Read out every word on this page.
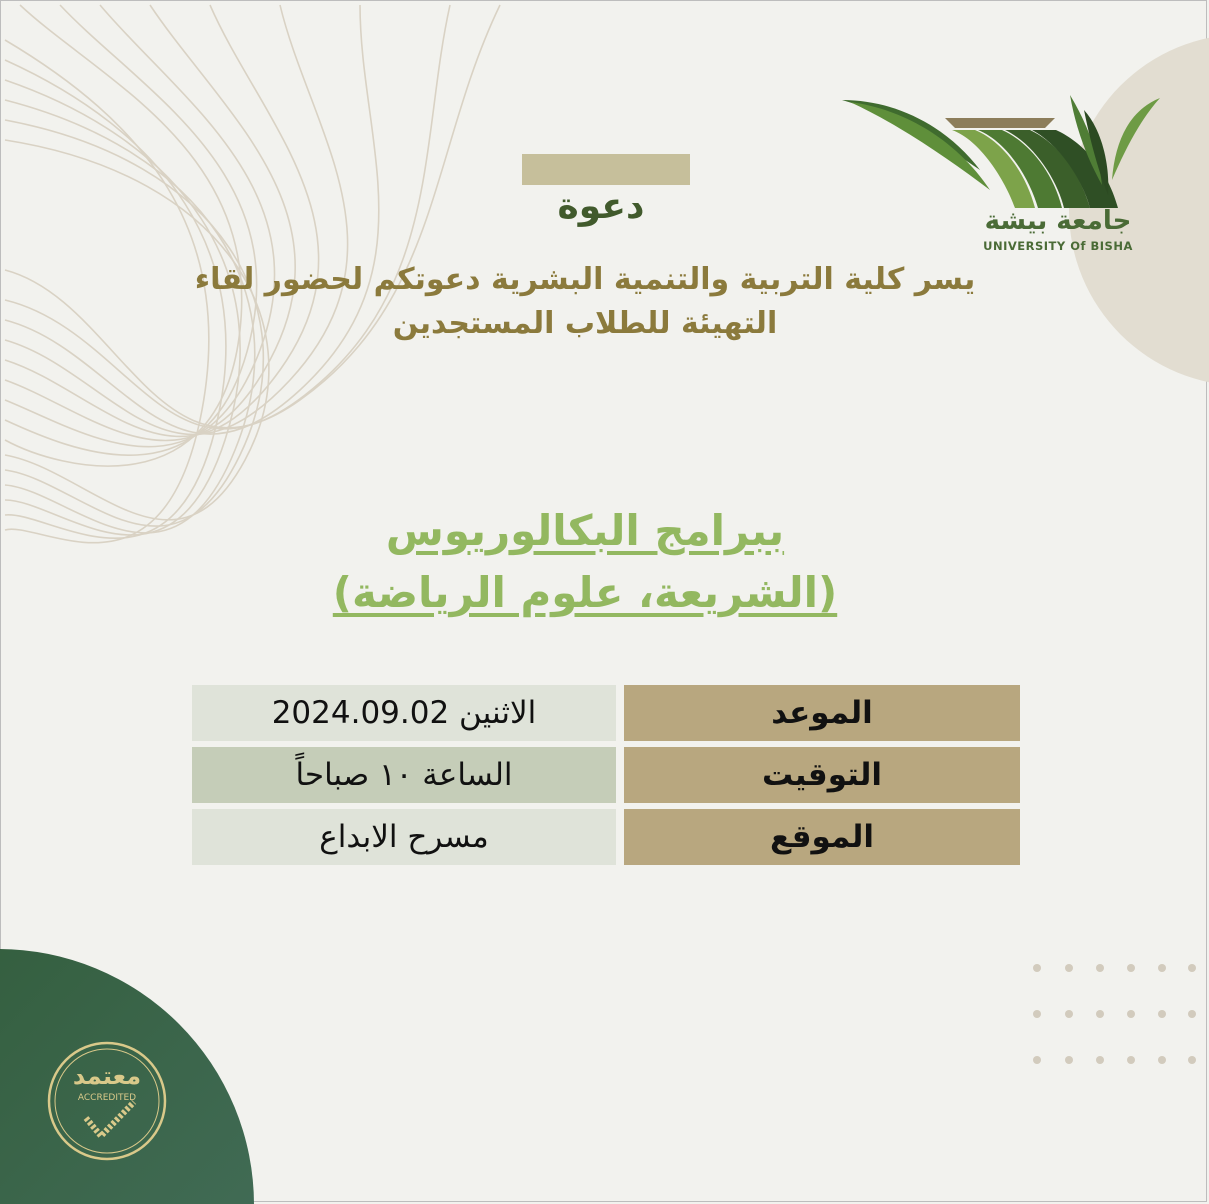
جامعة بيشة
UNIVERSITY Of BISHA
دعوة
يسر كلية التربية والتنمية البشرية دعوتكم لحضور لقاء
التهيئة للطلاب المستجدين
ببرامج البكالوريوس
(الشريعة، علوم الرياضة)
الموعد
الاثنين 2024.09.02
التوقيت
الساعة ١٠ صباحاً
الموقع
مسرح الابداع
معتمد
ACCREDITED
